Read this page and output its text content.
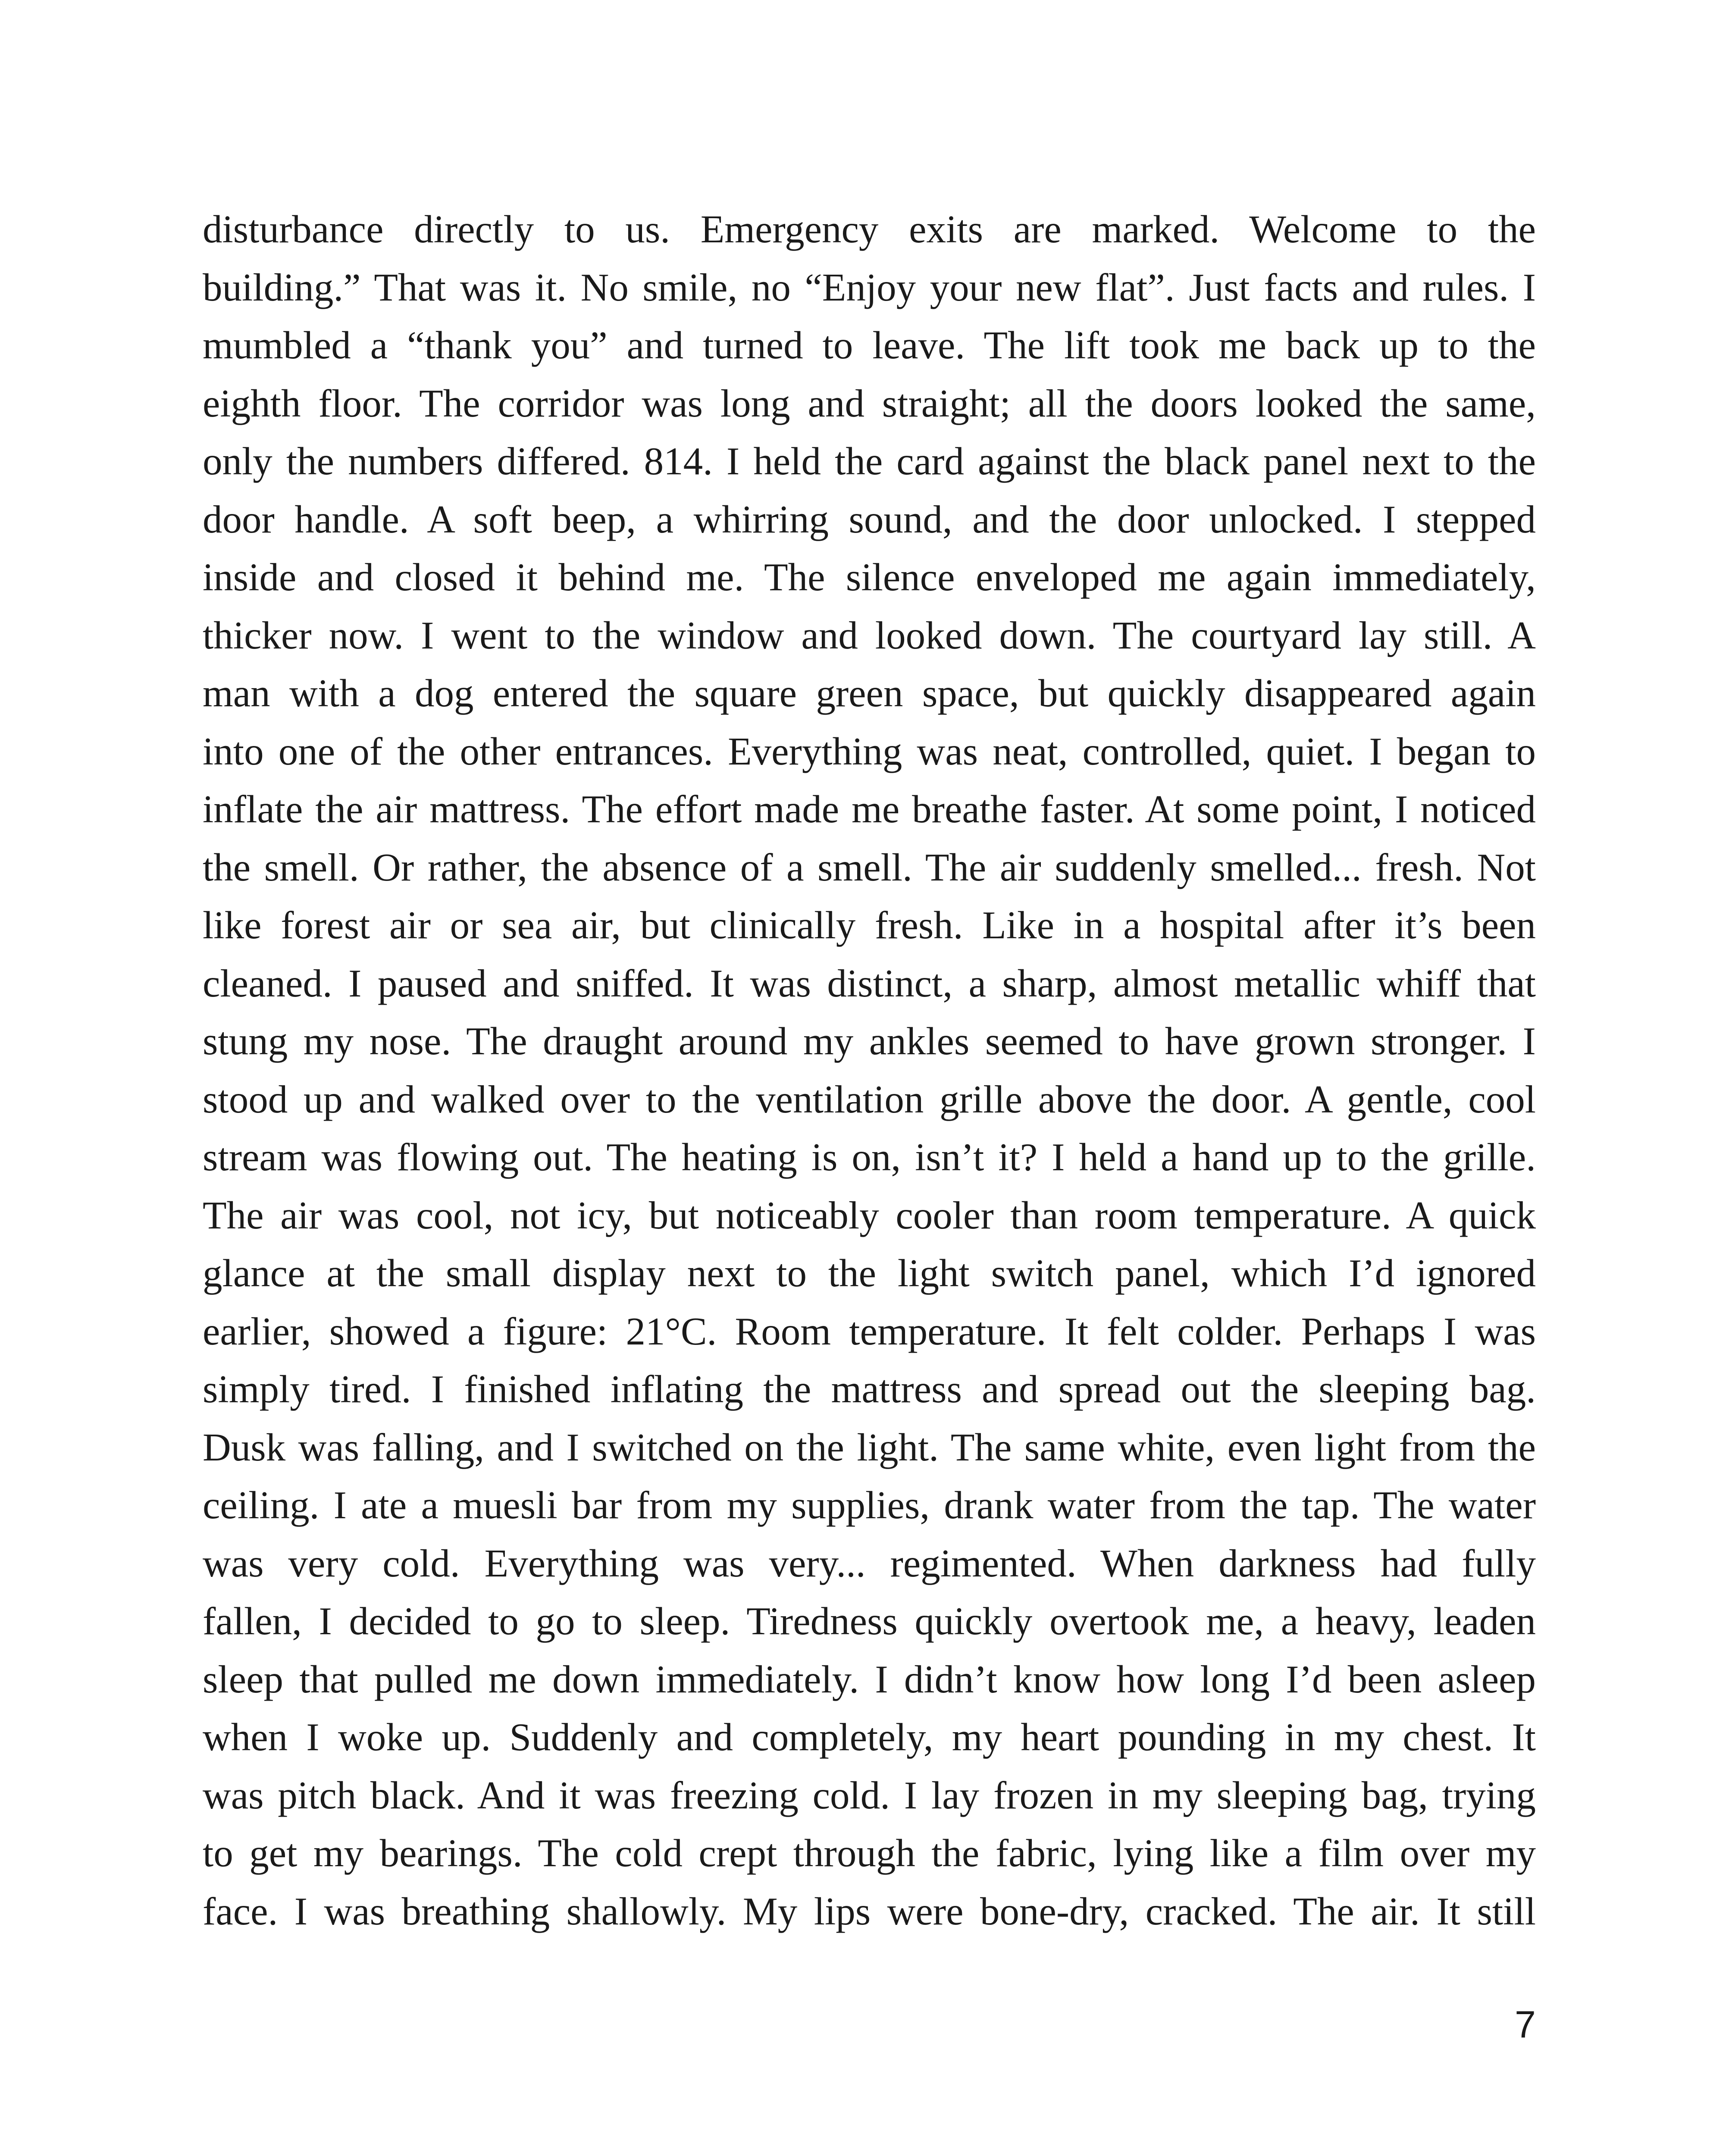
disturbance directly to us. Emergency exits are marked. Welcome to the
building.” That was it. No smile, no “Enjoy your new flat”. Just facts and rules. I
mumbled a “thank you” and turned to leave. The lift took me back up to the
eighth floor. The corridor was long and straight; all the doors looked the same,
only the numbers differed. 814. I held the card against the black panel next to the
door handle. A soft beep, a whirring sound, and the door unlocked. I stepped
inside and closed it behind me. The silence enveloped me again immediately,
thicker now. I went to the window and looked down. The courtyard lay still. A
man with a dog entered the square green space, but quickly disappeared again
into one of the other entrances. Everything was neat, controlled, quiet. I began to
inflate the air mattress. The effort made me breathe faster. At some point, I noticed
the smell. Or rather, the absence of a smell. The air suddenly smelled... fresh. Not
like forest air or sea air, but clinically fresh. Like in a hospital after it’s been
cleaned. I paused and sniffed. It was distinct, a sharp, almost metallic whiff that
stung my nose. The draught around my ankles seemed to have grown stronger. I
stood up and walked over to the ventilation grille above the door. A gentle, cool
stream was flowing out. The heating is on, isn’t it? I held a hand up to the grille.
The air was cool, not icy, but noticeably cooler than room temperature. A quick
glance at the small display next to the light switch panel, which I’d ignored
earlier, showed a figure: 21°C. Room temperature. It felt colder. Perhaps I was
simply tired. I finished inflating the mattress and spread out the sleeping bag.
Dusk was falling, and I switched on the light. The same white, even light from the
ceiling. I ate a muesli bar from my supplies, drank water from the tap. The water
was very cold. Everything was very... regimented. When darkness had fully
fallen, I decided to go to sleep. Tiredness quickly overtook me, a heavy, leaden
sleep that pulled me down immediately. I didn’t know how long I’d been asleep
when I woke up. Suddenly and completely, my heart pounding in my chest. It
was pitch black. And it was freezing cold. I lay frozen in my sleeping bag, trying
to get my bearings. The cold crept through the fabric, lying like a film over my
face. I was breathing shallowly. My lips were bone-dry, cracked. The air. It still
7
